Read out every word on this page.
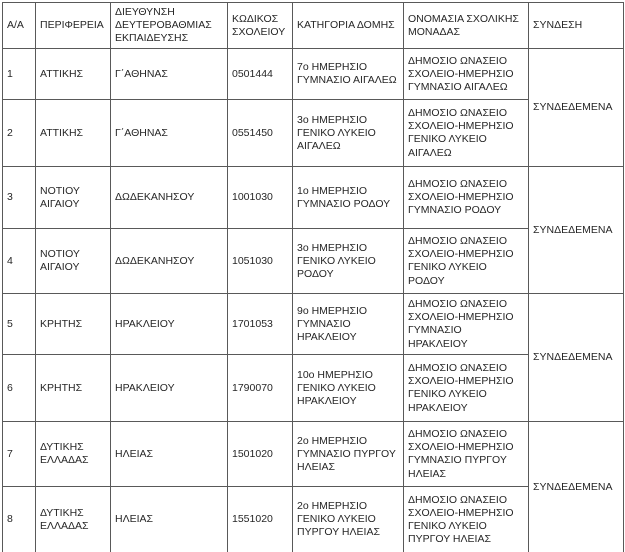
Α/Α	ΠΕΡΙΦΕΡΕΙΑ	ΔΙΕΥΘΥΝΣΗ ΔΕΥΤΕΡΟΒΑΘΜΙΑΣ ΕΚΠΑΙΔΕΥΣΗΣ	ΚΩΔΙΚΟΣ ΣΧΟΛΕΙΟΥ	ΚΑΤΗΓΟΡΙΑ ΔΟΜΗΣ	ΟΝΟΜΑΣΙΑ ΣΧΟΛΙΚΗΣ ΜΟΝΑΔΑΣ	ΣΥΝΔΕΣΗ
1	ΑΤΤΙΚΗΣ	Γ΄ΑΘΗΝΑΣ	0501444	7ο ΗΜΕΡΗΣΙΟ ΓΥΜΝΑΣΙΟ ΑΙΓΑΛΕΩ	ΔΗΜΟΣΙΟ ΩΝΑΣΕΙΟ ΣΧΟΛΕΙΟ-ΗΜΕΡΗΣΙΟ ΓΥΜΝΑΣΙΟ ΑΙΓΑΛΕΩ	ΣΥΝΔΕΔΕΜΕΝΑ
2	ΑΤΤΙΚΗΣ	Γ΄ΑΘΗΝΑΣ	0551450	3ο ΗΜΕΡΗΣΙΟ ΓΕΝΙΚΟ ΛΥΚΕΙΟ ΑΙΓΑΛΕΩ	ΔΗΜΟΣΙΟ ΩΝΑΣΕΙΟ ΣΧΟΛΕΙΟ-ΗΜΕΡΗΣΙΟ ΓΕΝΙΚΟ ΛΥΚΕΙΟ ΑΙΓΑΛΕΩ	
3	ΝΟΤΙΟΥ ΑΙΓΑΙΟΥ	ΔΩΔΕΚΑΝΗΣΟΥ	1001030	1ο ΗΜΕΡΗΣΙΟ ΓΥΜΝΑΣΙΟ ΡΟΔΟΥ	ΔΗΜΟΣΙΟ ΩΝΑΣΕΙΟ ΣΧΟΛΕΙΟ-ΗΜΕΡΗΣΙΟ ΓΥΜΝΑΣΙΟ ΡΟΔΟΥ	ΣΥΝΔΕΔΕΜΕΝΑ
4	ΝΟΤΙΟΥ ΑΙΓΑΙΟΥ	ΔΩΔΕΚΑΝΗΣΟΥ	1051030	3ο ΗΜΕΡΗΣΙΟ ΓΕΝΙΚΟ ΛΥΚΕΙΟ ΡΟΔΟΥ	ΔΗΜΟΣΙΟ ΩΝΑΣΕΙΟ ΣΧΟΛΕΙΟ-ΗΜΕΡΗΣΙΟ ΓΕΝΙΚΟ ΛΥΚΕΙΟ ΡΟΔΟΥ	
5	ΚΡΗΤΗΣ	ΗΡΑΚΛΕΙΟΥ	1701053	9ο ΗΜΕΡΗΣΙΟ ΓΥΜΝΑΣΙΟ ΗΡΑΚΛΕΙΟΥ	ΔΗΜΟΣΙΟ ΩΝΑΣΕΙΟ ΣΧΟΛΕΙΟ-ΗΜΕΡΗΣΙΟ ΓΥΜΝΑΣΙΟ ΗΡΑΚΛΕΙΟΥ	ΣΥΝΔΕΔΕΜΕΝΑ
6	ΚΡΗΤΗΣ	ΗΡΑΚΛΕΙΟΥ	1790070	10ο ΗΜΕΡΗΣΙΟ ΓΕΝΙΚΟ ΛΥΚΕΙΟ ΗΡΑΚΛΕΙΟΥ	ΔΗΜΟΣΙΟ ΩΝΑΣΕΙΟ ΣΧΟΛΕΙΟ-ΗΜΕΡΗΣΙΟ ΓΕΝΙΚΟ ΛΥΚΕΙΟ ΗΡΑΚΛΕΙΟΥ	
7	ΔΥΤΙΚΗΣ ΕΛΛΑΔΑΣ	ΗΛΕΙΑΣ	1501020	2ο ΗΜΕΡΗΣΙΟ ΓΥΜΝΑΣΙΟ ΠΥΡΓΟΥ ΗΛΕΙΑΣ	ΔΗΜΟΣΙΟ ΩΝΑΣΕΙΟ ΣΧΟΛΕΙΟ-ΗΜΕΡΗΣΙΟ ΓΥΜΝΑΣΙΟ ΠΥΡΓΟΥ ΗΛΕΙΑΣ	ΣΥΝΔΕΔΕΜΕΝΑ
8	ΔΥΤΙΚΗΣ ΕΛΛΑΔΑΣ	ΗΛΕΙΑΣ	1551020	2ο ΗΜΕΡΗΣΙΟ ΓΕΝΙΚΟ ΛΥΚΕΙΟ ΠΥΡΓΟΥ ΗΛΕΙΑΣ	ΔΗΜΟΣΙΟ ΩΝΑΣΕΙΟ ΣΧΟΛΕΙΟ-ΗΜΕΡΗΣΙΟ ΓΕΝΙΚΟ ΛΥΚΕΙΟ ΠΥΡΓΟΥ ΗΛΕΙΑΣ	
